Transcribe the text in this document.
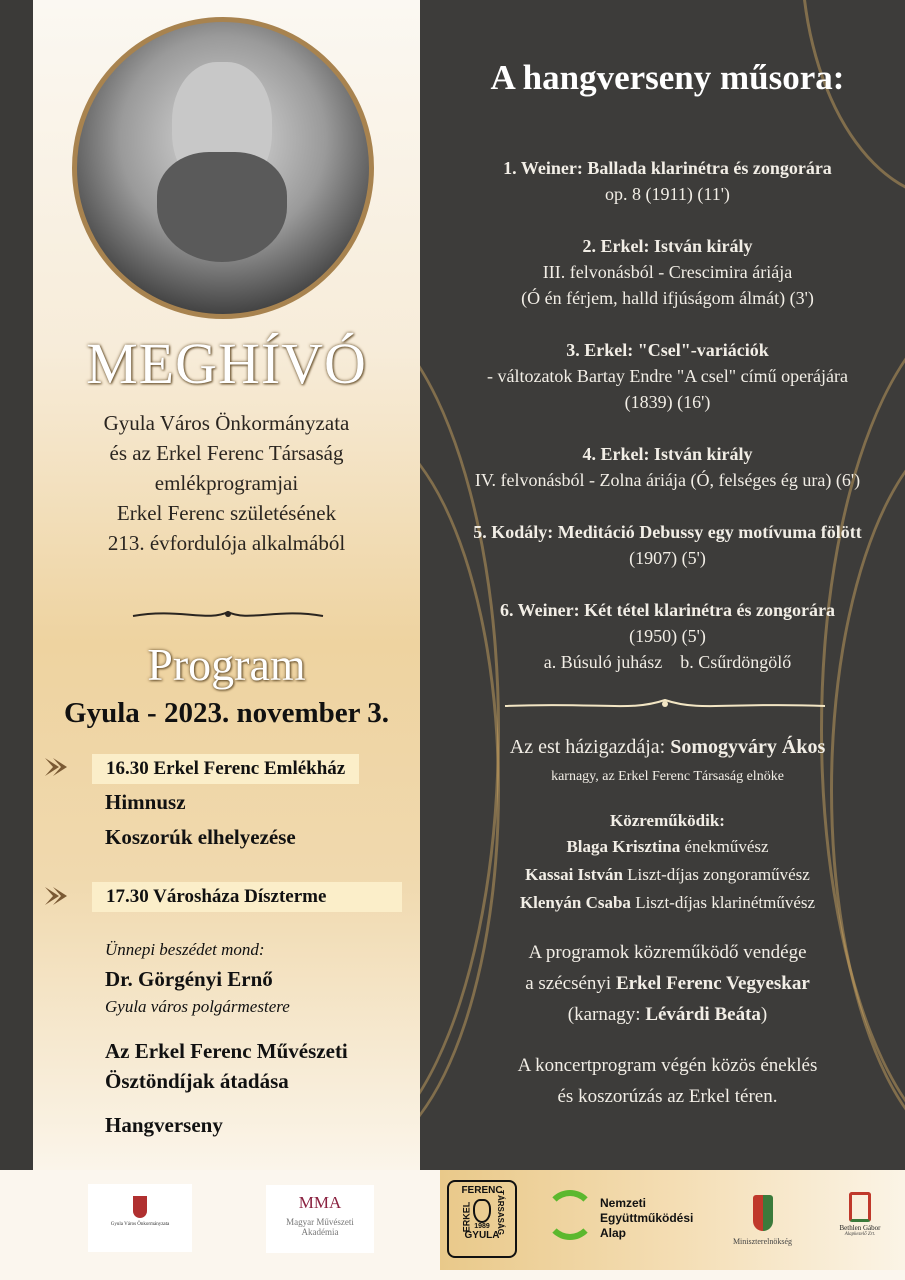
MEGHÍVÓ
Gyula Város Önkormányzata
és az Erkel Ferenc Társaság
emlékprogramjai
Erkel Ferenc születésének
213. évfordulója alkalmából
Program
Gyula - 2023. november 3.
16.30 Erkel Ferenc Emlékház
Himnusz
Koszorúk elhelyezése
17.30 Városháza Díszterme
Ünnepi beszédet mond:
Dr. Görgényi Ernő
Gyula város polgármestere
Az Erkel Ferenc Művészeti
Ösztöndíjak átadása
Hangverseny
A hangverseny műsora:
1. Weiner: Ballada klarinétra és zongorára
op. 8 (1911) (11')
2. Erkel: István király
III. felvonásból - Crescimira áriája
(Ó én férjem, halld ifjúságom álmát) (3')
3. Erkel: "Csel"-variációk
- változatok Bartay Endre "A csel" című operájára
(1839) (16')
4. Erkel: István király
IV. felvonásból - Zolna áriája (Ó, felséges ég ura) (6')
5. Kodály: Meditáció Debussy egy motívuma fölött
(1907) (5')
6. Weiner: Két tétel klarinétra és zongorára
(1950) (5')
a. Búsuló juhász    b. Csűrdöngölő
Az est házigazdája: Somogyváry Ákos
karnagy, az Erkel Ferenc Társaság elnöke
Közreműködik:
Blaga Krisztina énekművész
Kassai István Liszt-díjas zongoraművész
Klenyán Csaba Liszt-díjas klarinétművész
A programok közreműködő vendége
a szécsényi Erkel Ferenc Vegyeskar
(karnagy: Lévárdi Beáta)
A koncertprogram végén közös éneklés
és koszorúzás az Erkel téren.
Gyula Város Önkormányzata
MMA
Magyar Művészeti
Akadémia
FERENC
ERKEL	TÁRSASÁG
1989
GYULA
Nemzeti
Együttműködési
Alap
Miniszterelnökség
Bethlen Gábor
Alapkezelő Zrt.
